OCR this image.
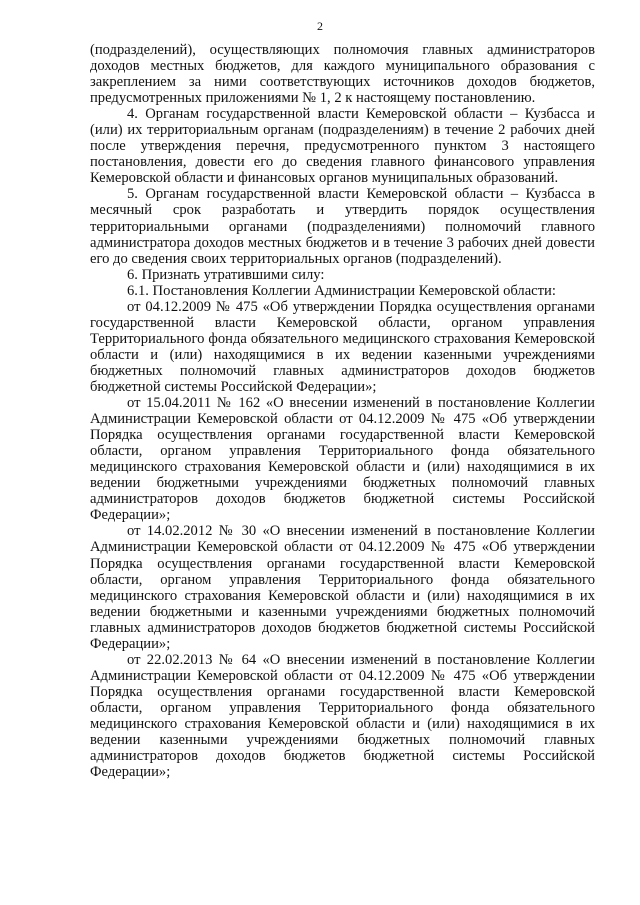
2

(подразделений), осуществляющих полномочия главных администраторов доходов местных бюджетов, для каждого муниципального образования с закреплением за ними соответствующих источников доходов бюджетов, предусмотренных приложениями № 1, 2 к настоящему постановлению.

4. Органам государственной власти Кемеровской области – Кузбасса и (или) их территориальным органам (подразделениям) в течение 2 рабочих дней после утверждения перечня, предусмотренного пунктом 3 настоящего постановления, довести его до сведения главного финансового управления Кемеровской области и финансовых органов муниципальных образований.

5. Органам государственной власти Кемеровской области – Кузбасса в месячный срок разработать и утвердить порядок осуществления территориальными органами (подразделениями) полномочий главного администратора доходов местных бюджетов и в течение 3 рабочих дней довести его до сведения своих территориальных органов (подразделений).

6. Признать утратившими силу:

6.1. Постановления Коллегии Администрации Кемеровской области:

от 04.12.2009 № 475 «Об утверждении Порядка осуществления органами государственной власти Кемеровской области, органом управления Территориального фонда обязательного медицинского страхования Кемеровской области и (или) находящимися в их ведении казенными учреждениями бюджетных полномочий главных администраторов доходов бюджетов бюджетной системы Российской Федерации»;

от 15.04.2011 № 162 «О внесении изменений в постановление Коллегии Администрации Кемеровской области от 04.12.2009 № 475 «Об утверждении Порядка осуществления органами государственной власти Кемеровской области, органом управления Территориального фонда обязательного медицинского страхования Кемеровской области и (или) находящимися в их ведении бюджетными учреждениями бюджетных полномочий главных администраторов доходов бюджетов бюджетной системы Российской Федерации»;

от 14.02.2012 № 30 «О внесении изменений в постановление Коллегии Администрации Кемеровской области от 04.12.2009 № 475 «Об утверждении Порядка осуществления органами государственной власти Кемеровской области, органом управления Территориального фонда обязательного медицинского страхования Кемеровской области и (или) находящимися в их ведении бюджетными и казенными учреждениями бюджетных полномочий главных администраторов доходов бюджетов бюджетной системы Российской Федерации»;

от 22.02.2013 № 64 «О внесении изменений в постановление Коллегии Администрации Кемеровской области от 04.12.2009 № 475 «Об утверждении Порядка осуществления органами государственной власти Кемеровской области, органом управления Территориального фонда обязательного медицинского страхования Кемеровской области и (или) находящимися в их ведении казенными учреждениями бюджетных полномочий главных администраторов доходов бюджетов бюджетной системы Российской Федерации»;
